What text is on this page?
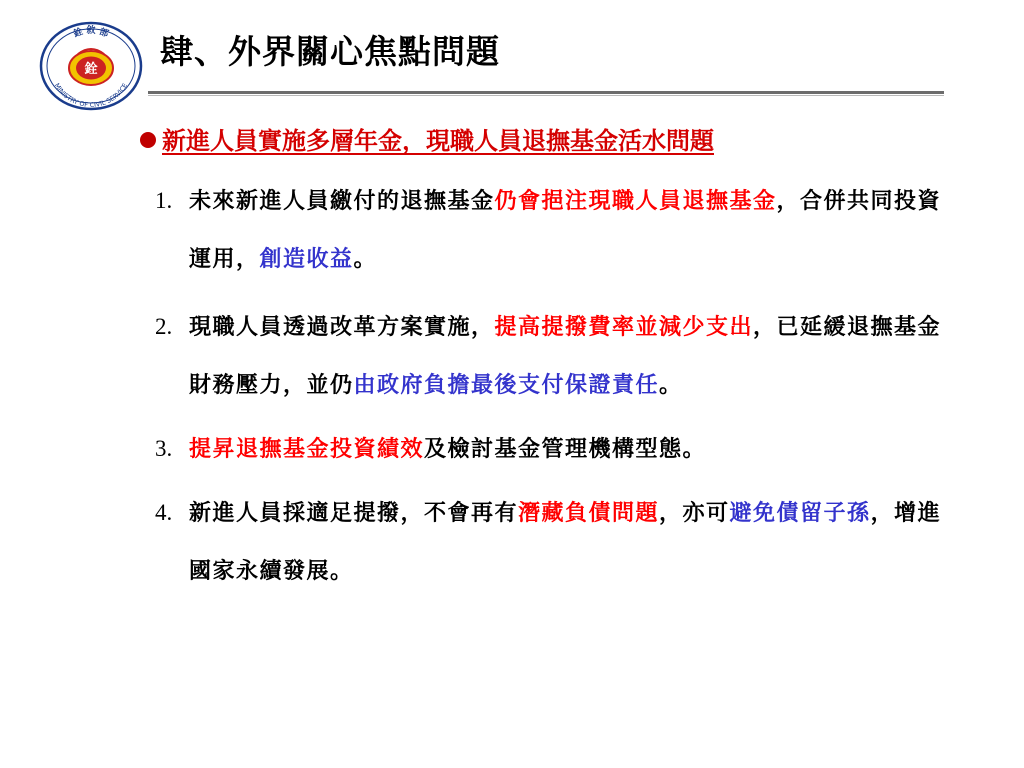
銓 敘 部
MINISTRY OF CIVIL SERVICE
銓 肆、外界關心焦點問題
新進人員實施多層年金，現職人員退撫基金活水問題
1. 未來新進人員繳付的退撫基金仍會挹注現職人員退撫基金，合併共同投資運用，創造收益。
2. 現職人員透過改革方案實施，提高提撥費率並減少支出，已延緩退撫基金財務壓力，並仍由政府負擔最後支付保證責任。
3. 提昇退撫基金投資績效及檢討基金管理機構型態。
4. 新進人員採適足提撥，不會再有潛藏負債問題，亦可避免債留子孫，增進國家永續發展。
